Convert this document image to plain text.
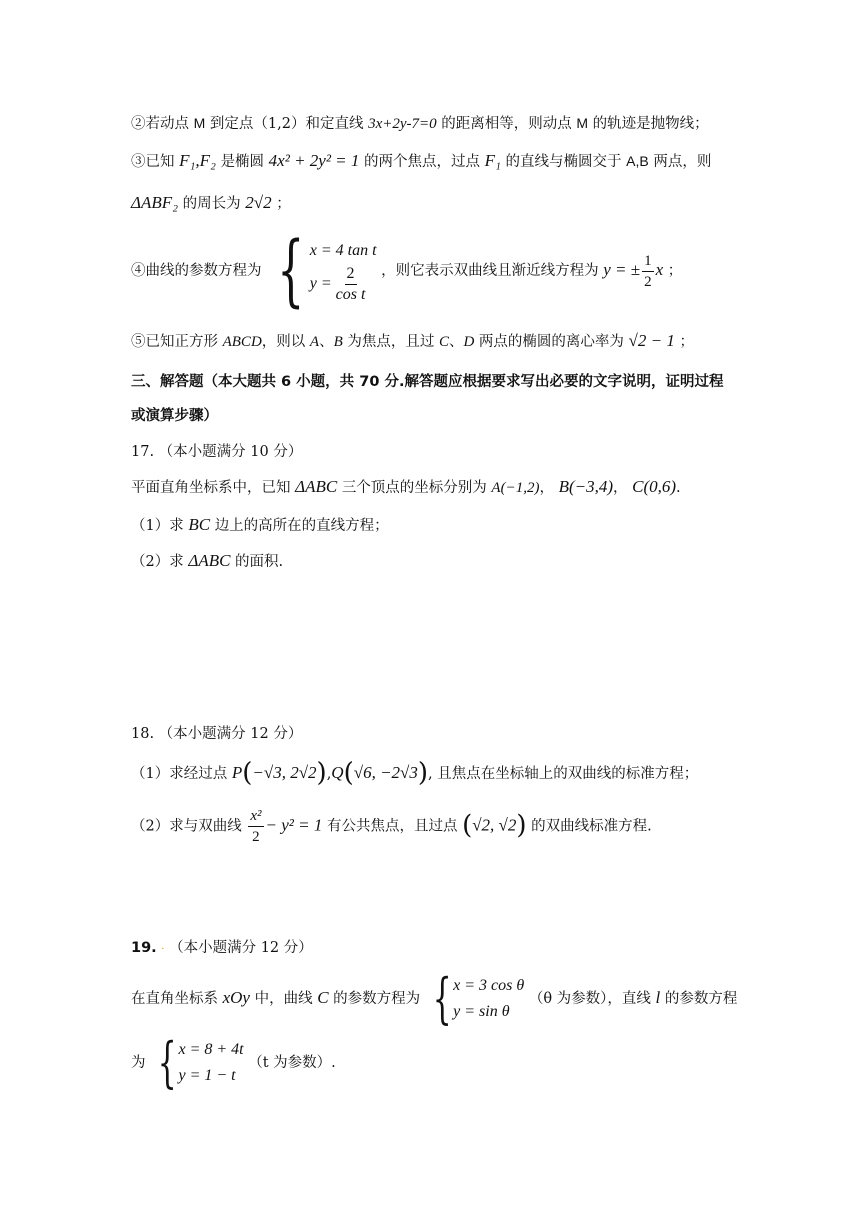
②若动点 M 到定点（1,2）和定直线 3x+2y-7=0 的距离相等，则动点 M 的轨迹是抛物线；
③已知 F₁,F₂ 是椭圆 4x² + 2y² = 1 的两个焦点，过点 F₁ 的直线与椭圆交于 A,B 两点，则
ΔABF₂ 的周长为 2√2 ；
④曲线的参数方程为 { x = 4 tan t
$y = \frac{2}{\text{cos t}}$ ，则它表示双曲线且渐近线方程为 y = ± $\frac{1}{2}$ x ；
⑤已知正方形 ABCD，则以 A、B 为焦点，且过 C、D 两点的椭圆的离心率为 √2 − 1 ；
三、解答题（本大题共 6 小题，共 70 分.解答题应根据要求写出必要的文字说明，证明过程
或演算步骤）
17. （本小题满分 10 分）
平面直角坐标系中，已知 ΔABC 三个顶点的坐标分别为 A(−1,2)， B(−3,4)， C(0,6).
（1）求 BC 边上的高所在的直线方程；
（2）求 ΔABC 的面积.
18. （本小题满分 12 分）
（1）求经过点 P(−√3, 2√2),Q(√6, −2√3), 且焦点在坐标轴上的双曲线的标准方程；
（2）求与双曲线 $\frac{\text{x²}}{2} - y^2 = 1$ 有公共焦点，且过点 (√2, √2) 的双曲线标准方程.
19. · （本小题满分 12 分）
在直角坐标系 xOy 中，曲线 C 的参数方程为 { x = 3 cos θ
y = sin θ
（θ 为参数），直线 l 的参数方程
为 { x = 8 + 4t
y = 1 − t
（t 为参数）.
